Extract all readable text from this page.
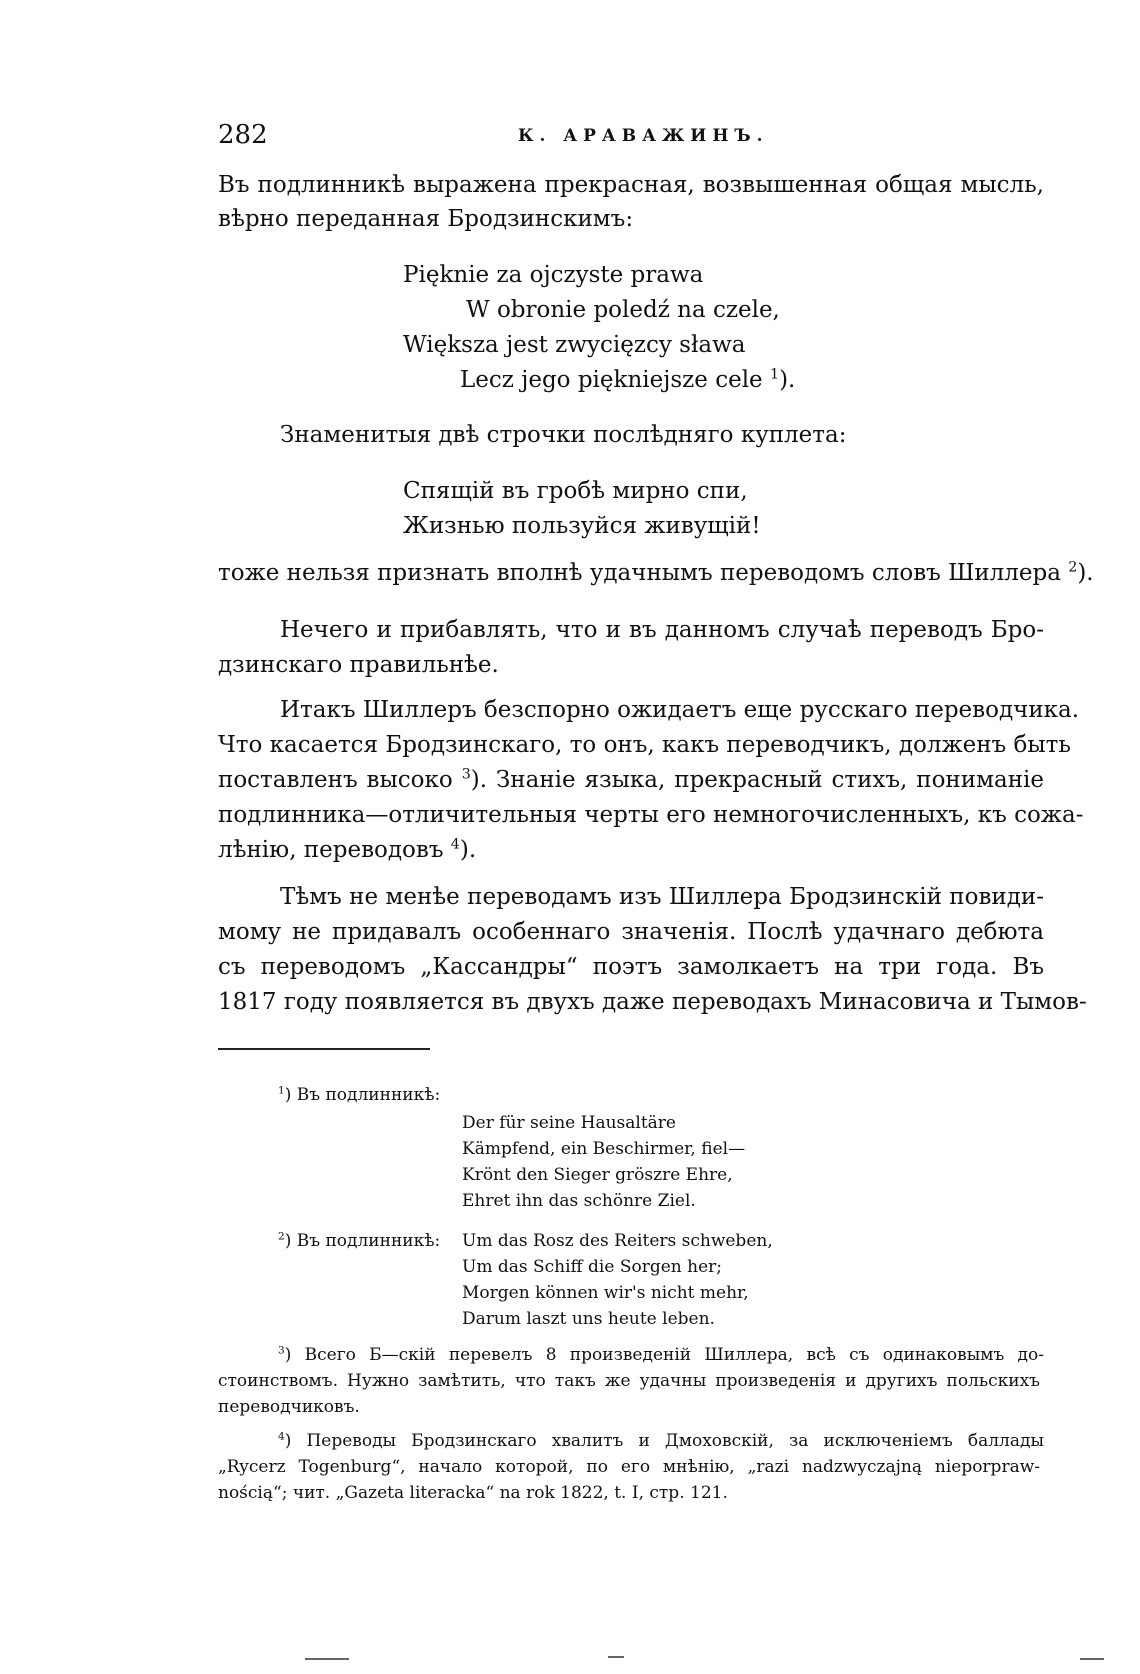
282	К. АРАВАЖИНЪ.
Въ подлинникѣ выражена прекрасная, возвышенная общая мысль,
вѣрно переданная Бродзинскимъ:
Pięknie za ojczyste prawa
W obronie poledź na czele,
Większa jest zwycięzcy sława
Lecz jego piękniejsze cele $^1$).
Знаменитыя двѣ строчки послѣдняго куплета:
Спящій въ гробѣ мирно спи,
Жизнью пользуйся живущій!
тоже нельзя признать вполнѣ удачнымъ переводомъ словъ Шиллера $^2$).
Нечего и прибавлять, что и въ данномъ случаѣ переводъ Бро-
дзинскаго правильнѣе.
Итакъ Шиллеръ безспорно ожидаетъ еще русскаго переводчика.
Что касается Бродзинскаго, то онъ, какъ переводчикъ, долженъ быть
поставленъ высоко $^3$). Знаніе языка, прекрасный стихъ, пониманіе
подлинника—отличительныя черты его немногочисленныхъ, къ сожа-
лѣнію, переводовъ $^4$).
Тѣмъ не менѣе переводамъ изъ Шиллера Бродзинскій повиди-
мому не придавалъ особеннаго значенія. Послѣ удачнаго дебюта
съ переводомъ „Кассандры“ поэтъ замолкаетъ на три года. Въ
1817 году появляется въ двухъ даже переводахъ Минасовича и Тымов-
$^1$) Въ подлинникѣ:
Der für seine Hausaltäre
Kämpfend, ein Beschirmer, fiel—
Krönt den Sieger gröszre Ehre,
Ehret ihn das schönre Ziel.
$^2$) Въ подлинникѣ: Um das Rosz des Reiters schweben,
Um das Schiff die Sorgen her;
Morgen können wir's nicht mehr,
Darum laszt uns heute leben.
$^3$) Всего Б—скій перевелъ 8 произведеній Шиллера, всѣ съ одинаковымъ до-
стоинствомъ. Нужно замѣтить, что такъ же удачны произведенія и другихъ польскихъ
переводчиковъ.
$^4$) Переводы Бродзинскаго хвалитъ и Дмоховскій, за исключеніемъ баллады
„Rycerz Togenburg“, начало которой, по его мнѣнію, „razi nadzwyczajną nieporpraw-
nością“; чит. „Gazeta literacka“ na rok 1822, t. I, стр. 121.
